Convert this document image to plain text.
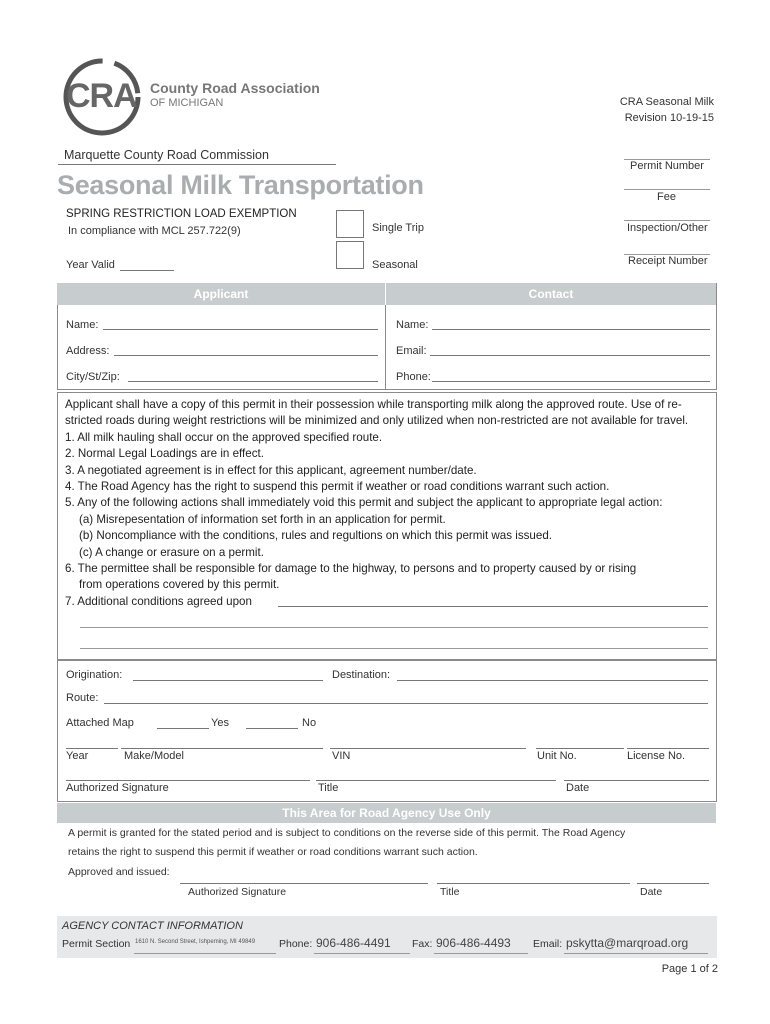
CRA County Road Association
OF MICHIGAN	CRA Seasonal Milk
Revision 10-19-15
Marquette County Road Commission
Seasonal Milk Transportation
SPRING RESTRICTION LOAD EXEMPTION
In compliance with MCL 257.722(9)
Year Valid
Single Trip
Seasonal
Permit Number
Fee
Inspection/Other
Receipt Number
Applicant	Contact
Name:
Address:
City/St/Zip:
Name:
Email:
Phone:
Applicant shall have a copy of this permit in their possession while transporting milk along the approved route. Use of re-
stricted roads during weight restrictions will be minimized and only utilized when non-restricted are not available for travel.
1. All milk hauling shall occur on the approved specified route.
2. Normal Legal Loadings are in effect.
3. A negotiated agreement is in effect for this applicant, agreement number/date.
4. The Road Agency has the right to suspend this permit if weather or road conditions warrant such action.
5. Any of the following actions shall immediately void this permit and subject the applicant to appropriate legal action:
(a) Misrepesentation of information set forth in an application for permit.
(b) Noncompliance with the conditions, rules and regultions on which this permit was issued.
(c) A change or erasure on a permit.
6. The permittee shall be responsible for damage to the highway, to persons and to property caused by or rising
from operations covered by this permit.
7. Additional conditions agreed upon
Origination:	Destination:
Route:
Attached Map	Yes	No
Year	Make/Model	VIN	Unit No.	License No.
Authorized Signature	Title	Date
This Area for Road Agency Use Only
A permit is granted for the stated period and is subject to conditions on the reverse side of this permit. The Road Agency
retains the right to suspend this permit if weather or road conditions warrant such action.
Approved and issued:
Authorized Signature	Title	Date
AGENCY CONTACT INFORMATION
Permit Section 1610 N. Second Street, Ishpeming, MI 49849 Phone: 906-486-4491 Fax: 906-486-4493 Email: pskytta@marqroad.org
Page 1 of 2
